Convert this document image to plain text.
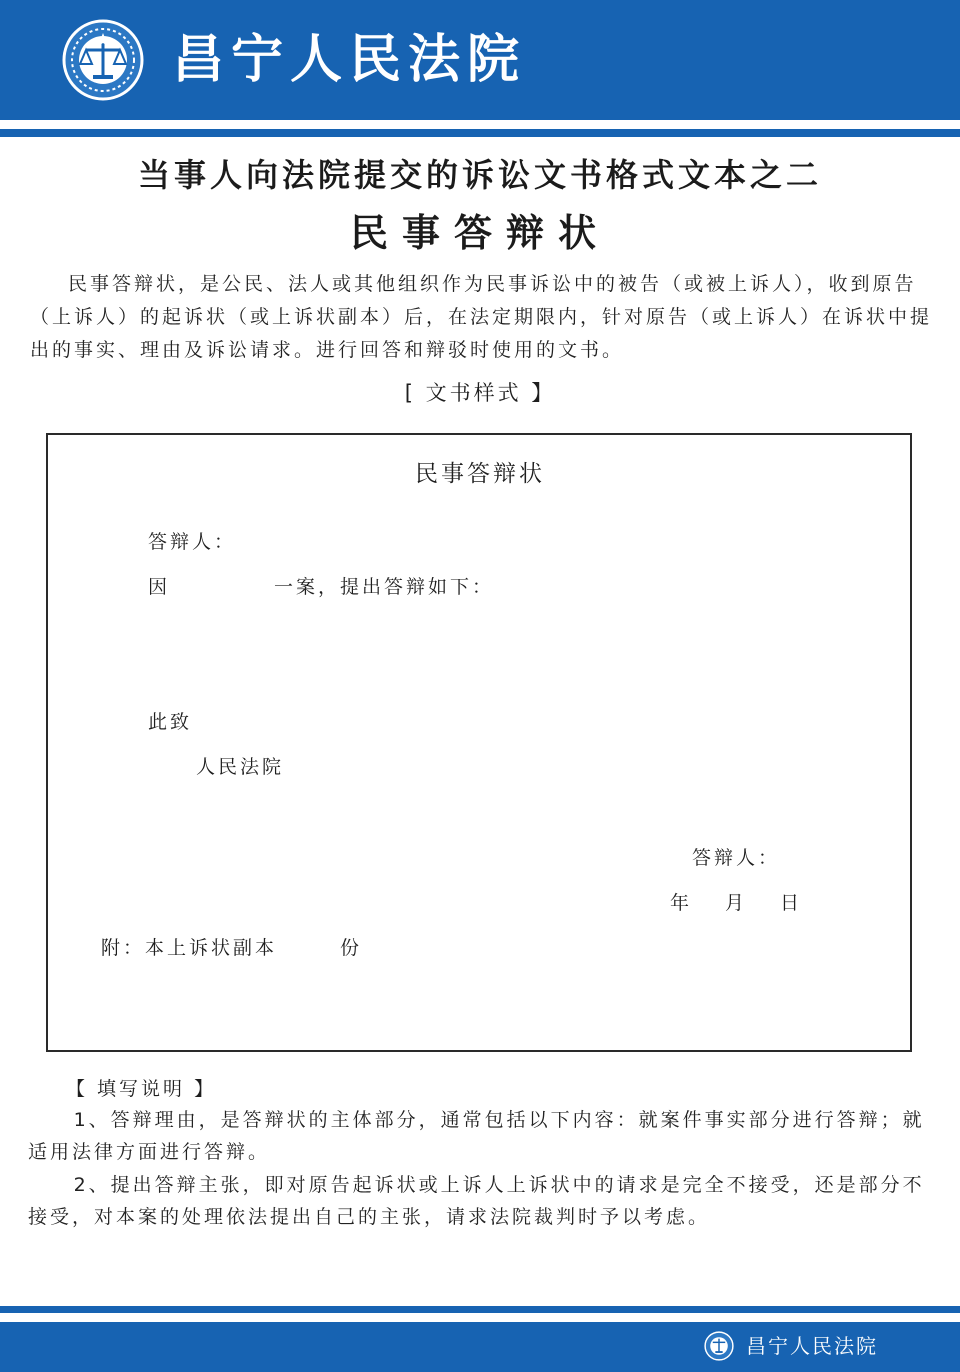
昌宁人民法院
当事人向法院提交的诉讼文书格式文本之二
民事答辩状
民事答辩状，是公民、法人或其他组织作为民事诉讼中的被告（或被上诉人），收到原告（上诉人）的起诉状（或上诉状副本）后，在法定期限内，针对原告（或上诉人）在诉状中提出的事实、理由及诉讼请求。进行回答和辩驳时使用的文书。
[ 文书样式 】
民事答辩状
答辩人：
因	一案，提出答辩如下：
此致
人民法院
答辩人：
年 月 日
附：本上诉状副本	份
【 填写说明 】
1、答辩理由，是答辩状的主体部分，通常包括以下内容：就案件事实部分进行答辩；就适用法律方面进行答辩。
2、提出答辩主张，即对原告起诉状或上诉人上诉状中的请求是完全不接受，还是部分不接受，对本案的处理依法提出自己的主张，请求法院裁判时予以考虑。
昌宁人民法院
